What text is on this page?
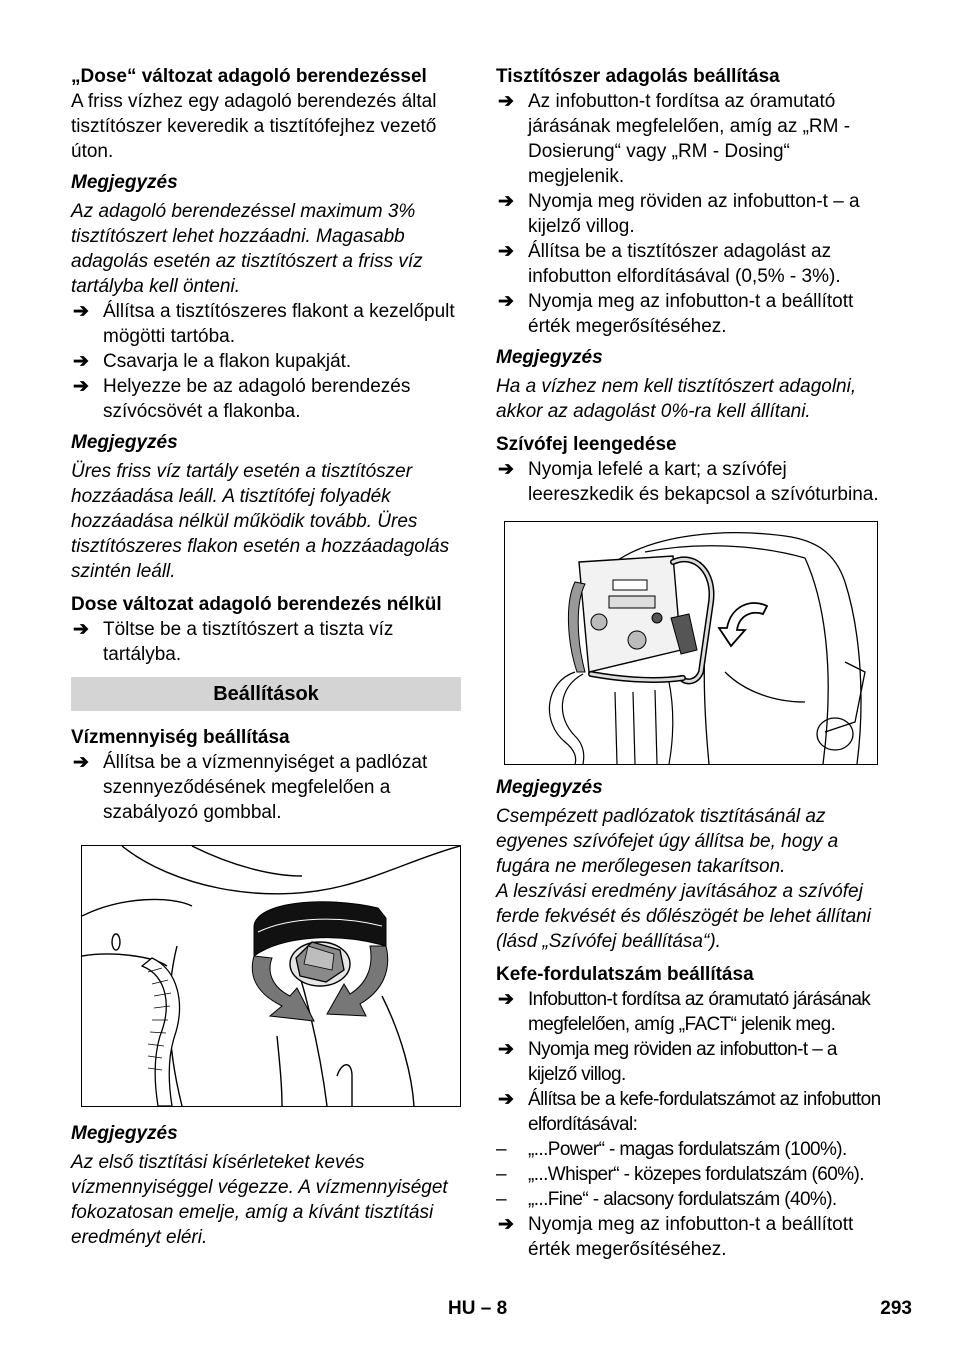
„Dose“ változat adagoló berendezéssel

A friss vízhez egy adagoló berendezés által tisztítószer keveredik a tisztítófejhez vezető úton.

Megjegyzés

Az adagoló berendezéssel maximum 3% tisztítószert lehet hozzáadni. Magasabb adagolás esetén az tisztítószert a friss víz tartályba kell önteni.

➔ Állítsa a tisztítószeres flakont a kezelőpult mögötti tartóba.
➔ Csavarja le a flakon kupakját.
➔ Helyezze be az adagoló berendezés szívócsövét a flakonba.

Megjegyzés

Üres friss víz tartály esetén a tisztítószer hozzáadása leáll. A tisztítófej folyadék hozzáadása nélkül működik tovább. Üres tisztítószeres flakon esetén a hozzáadagolás szintén leáll.

Dose változat adagoló berendezés nélkül

➔ Töltse be a tisztítószert a tiszta víz tartályba.
Beállítások

Vízmennyiség beállítása

➔ Állítsa be a vízmennyiséget a padlózat szennyeződésének megfelelően a szabályozó gombbal.

Megjegyzés

Az első tisztítási kísérleteket kevés vízmennyiséggel végezze. A vízmennyiséget fokozatosan emelje, amíg a kívánt tisztítási eredményt eléri.

Tisztítószer adagolás beállítása

➔ Az infobutton-t fordítsa az óramutató járásának megfelelően, amíg az „RM - Dosierung“ vagy „RM - Dosing“ megjelenik.
➔ Nyomja meg röviden az infobutton-t – a kijelző villog.
➔ Állítsa be a tisztítószer adagolást az infobutton elfordításával (0,5% - 3%).
➔ Nyomja meg az infobutton-t a beállított érték megerősítéséhez.

Megjegyzés

Ha a vízhez nem kell tisztítószert adagolni, akkor az adagolást 0%-ra kell állítani.

Szívófej leengedése

➔ Nyomja lefelé a kart; a szívófej leereszkedik és bekapcsol a szívóturbina.

Megjegyzés

Csempézett padlózatok tisztításánál az egyenes szívófejet úgy állítsa be, hogy a fugára ne merőlegesen takarítson.

A leszívási eredmény javításához a szívófej ferde fekvését és dőlészögét be lehet állítani (lásd „Szívófej beállítása“).

Kefe-fordulatszám beállítása

➔ Infobutton-t fordítsa az óramutató járásának megfelelően, amíg „FACT“ jelenik meg.
➔ Nyomja meg röviden az infobutton-t – a kijelző villog.
➔ Állítsa be a kefe-fordulatszámot az infobutton elfordításával:
– „...Power“ - magas fordulatszám (100%).
– „...Whisper“ - közepes fordulatszám (60%).
– „...Fine“ - alacsony fordulatszám (40%).
➔ Nyomja meg az infobutton-t a beállított érték megerősítéséhez.
HU – 8	293
